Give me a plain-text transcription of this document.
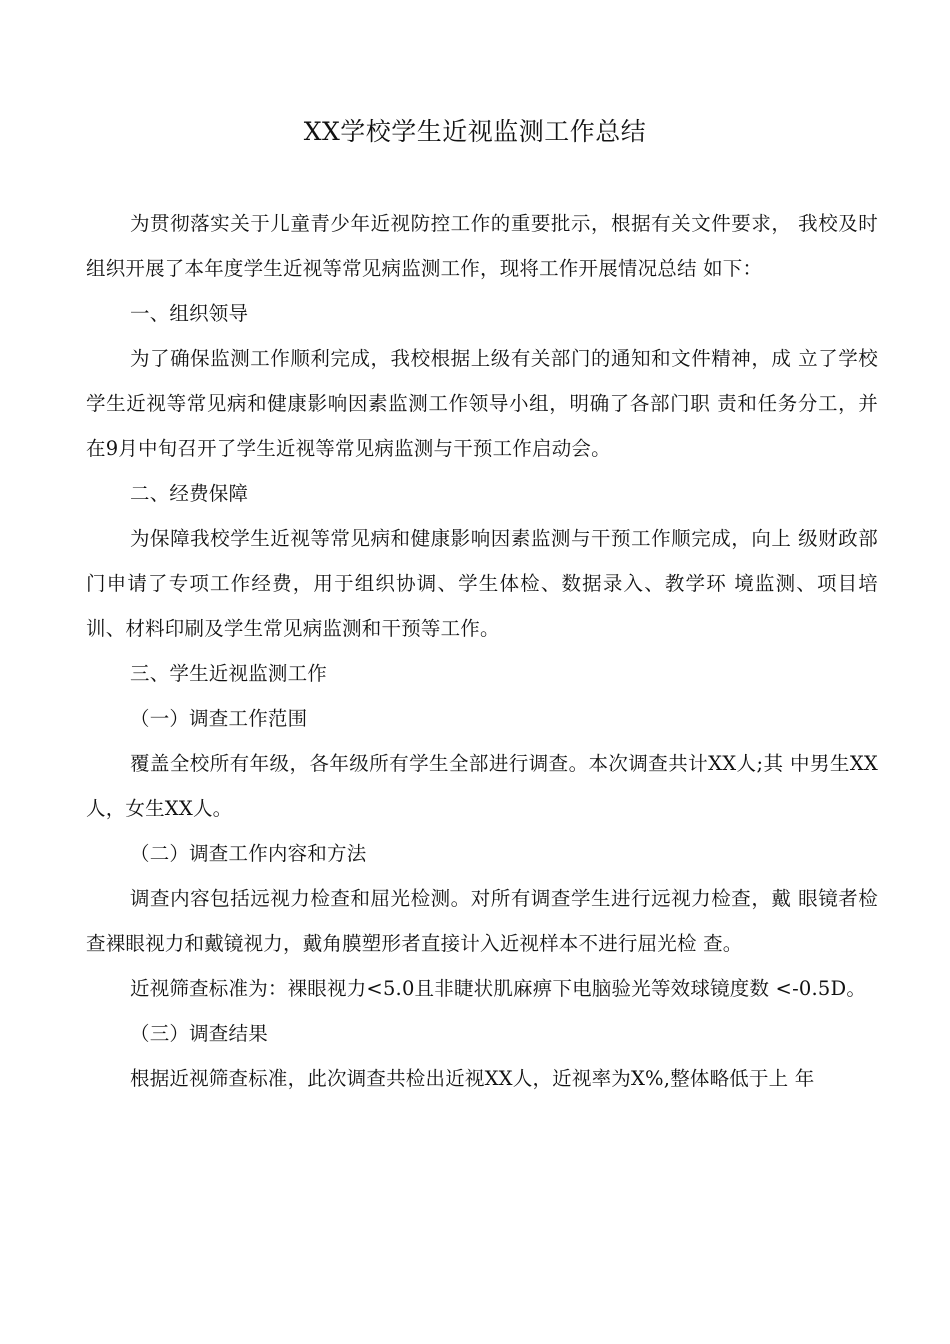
XX学校学生近视监测工作总结

为贯彻落实关于儿童青少年近视防控工作的重要批示，根据有关文件要求， 我校及时组织开展了本年度学生近视等常见病监测工作，现将工作开展情况总结 如下：

一、组织领导

为了确保监测工作顺利完成，我校根据上级有关部门的通知和文件精神，成 立了学校学生近视等常见病和健康影响因素监测工作领导小组，明确了各部门职 责和任务分工，并在9月中旬召开了学生近视等常见病监测与干预工作启动会。

二、经费保障

为保障我校学生近视等常见病和健康影响因素监测与干预工作顺完成，向上 级财政部门申请了专项工作经费，用于组织协调、学生体检、数据录入、教学环 境监测、项目培训、材料印刷及学生常见病监测和干预等工作。

三、学生近视监测工作

（一）调查工作范围

覆盖全校所有年级，各年级所有学生全部进行调查。本次调查共计XX人;其 中男生XX人，女生XX人。

（二）调查工作内容和方法

调查内容包括远视力检查和屈光检测。对所有调查学生进行远视力检查，戴 眼镜者检查裸眼视力和戴镜视力，戴角膜塑形者直接计入近视样本不进行屈光检 查。

近视筛查标准为：裸眼视力<5.0且非睫状肌麻痹下电脑验光等效球镜度数 <-0.5D。

（三）调查结果

根据近视筛查标准，此次调查共检出近视XX人，近视率为X%,整体略低于上 年
